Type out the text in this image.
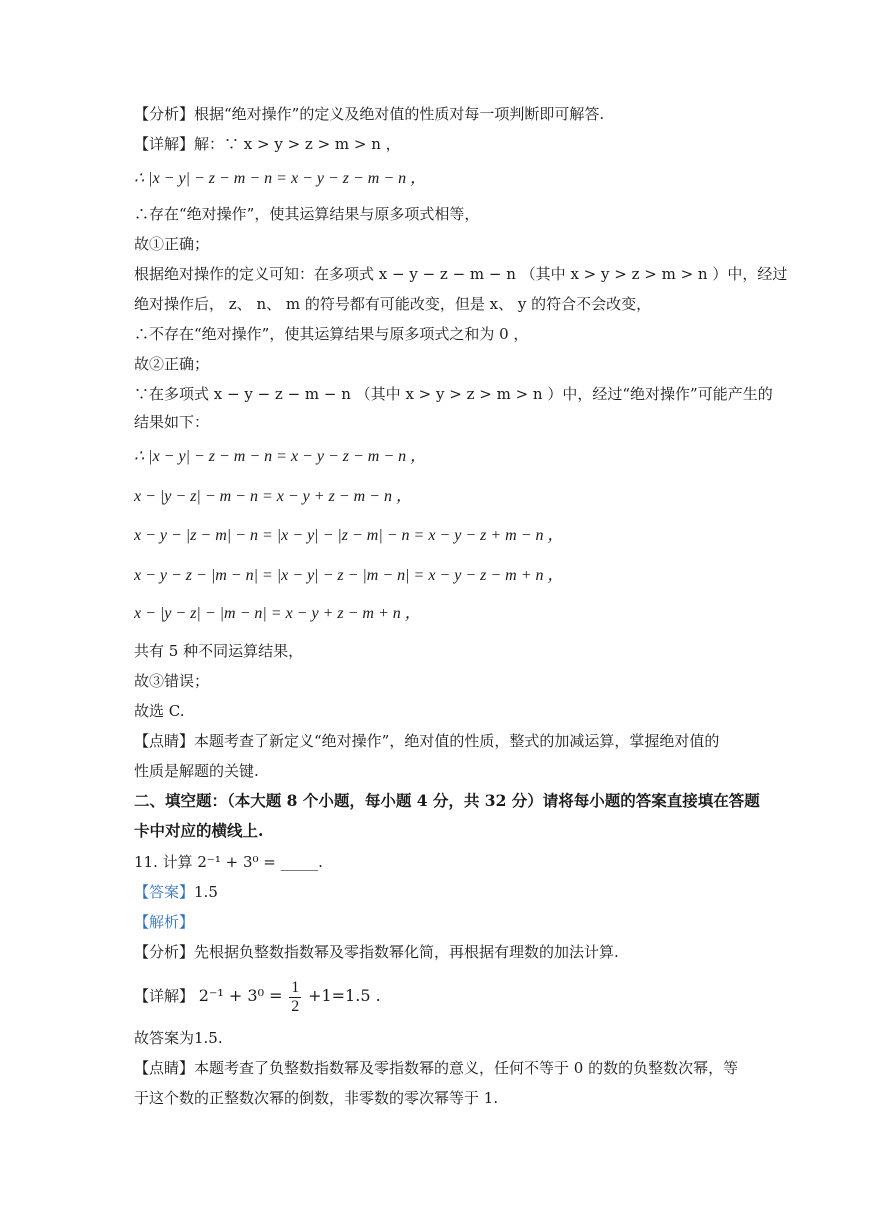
【分析】根据“绝对操作”的定义及绝对值的性质对每一项判断即可解答.
【详解】解：∵ x > y > z > m > n ，
∴ |x − y| − z − m − n = x − y − z − m − n ，
∴存在“绝对操作”，使其运算结果与原多项式相等，
故①正确；
根据绝对操作的定义可知：在多项式 x − y − z − m − n （其中 x > y > z > m > n ）中，经过
绝对操作后， z、 n、 m 的符号都有可能改变，但是 x、 y 的符合不会改变，
∴不存在“绝对操作”，使其运算结果与原多项式之和为 0 ，
故②正确；
∵在多项式 x − y − z − m − n （其中 x > y > z > m > n ）中，经过“绝对操作”可能产生的
结果如下：
∴ |x − y| − z − m − n = x − y − z − m − n ，
x − |y − z| − m − n = x − y + z − m − n ，
x − y − |z − m| − n = |x − y| − |z − m| − n = x − y − z + m − n ，
x − y − z − |m − n| = |x − y| − z − |m − n| = x − y − z − m + n ，
x − |y − z| − |m − n| = x − y + z − m + n ，
共有 5 种不同运算结果，
故③错误；
故选 C.
【点睛】本题考查了新定义“绝对操作”，绝对值的性质，整式的加减运算，掌握绝对值的
性质是解题的关键.
二、填空题：（本大题 8 个小题，每小题 4 分，共 32 分）请将每小题的答案直接填在答题
卡中对应的横线上.
11. 计算 2⁻¹ + 3⁰ = _____.
【答案】1.5
【解析】
【分析】先根据负整数指数幂及零指数幂化简，再根据有理数的加法计算.
【详解】 $2^{-1} + 3^0 = \frac{1}{2} +1=1.5$ .
故答案为1.5.
【点睛】本题考查了负整数指数幂及零指数幂的意义，任何不等于 0 的数的负整数次幂，等
于这个数的正整数次幂的倒数，非零数的零次幂等于 1.
